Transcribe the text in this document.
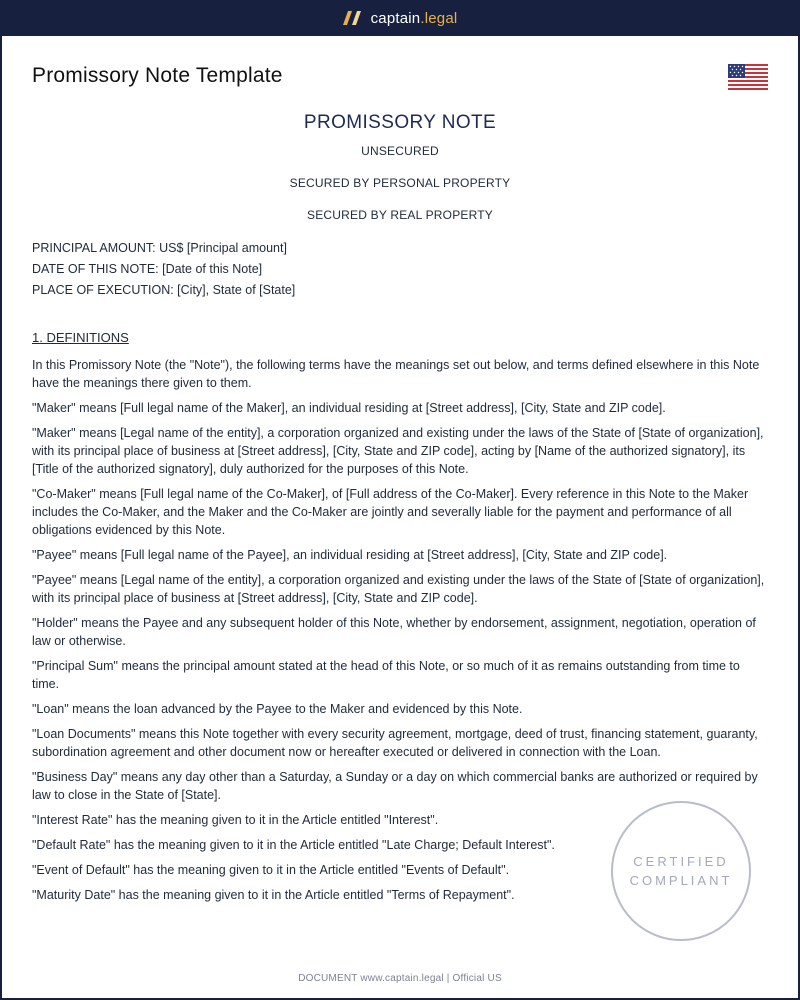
captain.legal
Promissory Note Template
PROMISSORY NOTE
UNSECURED
SECURED BY PERSONAL PROPERTY
SECURED BY REAL PROPERTY
PRINCIPAL AMOUNT: US$ [Principal amount]
DATE OF THIS NOTE: [Date of this Note]
PLACE OF EXECUTION: [City], State of [State]
1. DEFINITIONS

In this Promissory Note (the "Note"), the following terms have the meanings set out below, and terms defined elsewhere in this Note have the meanings there given to them.

"Maker" means [Full legal name of the Maker], an individual residing at [Street address], [City, State and ZIP code].

"Maker" means [Legal name of the entity], a corporation organized and existing under the laws of the State of [State of organization], with its principal place of business at [Street address], [City, State and ZIP code], acting by [Name of the authorized signatory], its [Title of the authorized signatory], duly authorized for the purposes of this Note.

"Co-Maker" means [Full legal name of the Co-Maker], of [Full address of the Co-Maker]. Every reference in this Note to the Maker includes the Co-Maker, and the Maker and the Co-Maker are jointly and severally liable for the payment and performance of all obligations evidenced by this Note.

"Payee" means [Full legal name of the Payee], an individual residing at [Street address], [City, State and ZIP code].

"Payee" means [Legal name of the entity], a corporation organized and existing under the laws of the State of [State of organization], with its principal place of business at [Street address], [City, State and ZIP code].

"Holder" means the Payee and any subsequent holder of this Note, whether by endorsement, assignment, negotiation, operation of law or otherwise.

"Principal Sum" means the principal amount stated at the head of this Note, or so much of it as remains outstanding from time to time.

"Loan" means the loan advanced by the Payee to the Maker and evidenced by this Note.

"Loan Documents" means this Note together with every security agreement, mortgage, deed of trust, financing statement, guaranty, subordination agreement and other document now or hereafter executed or delivered in connection with the Loan.

"Business Day" means any day other than a Saturday, a Sunday or a day on which commercial banks are authorized or required by law to close in the State of [State].

"Interest Rate" has the meaning given to it in the Article entitled "Interest".

"Default Rate" has the meaning given to it in the Article entitled "Late Charge; Default Interest".

"Event of Default" has the meaning given to it in the Article entitled "Events of Default".

"Maturity Date" has the meaning given to it in the Article entitled "Terms of Repayment".

CERTIFIED
COMPLIANT
DOCUMENT www.captain.legal | Official US
